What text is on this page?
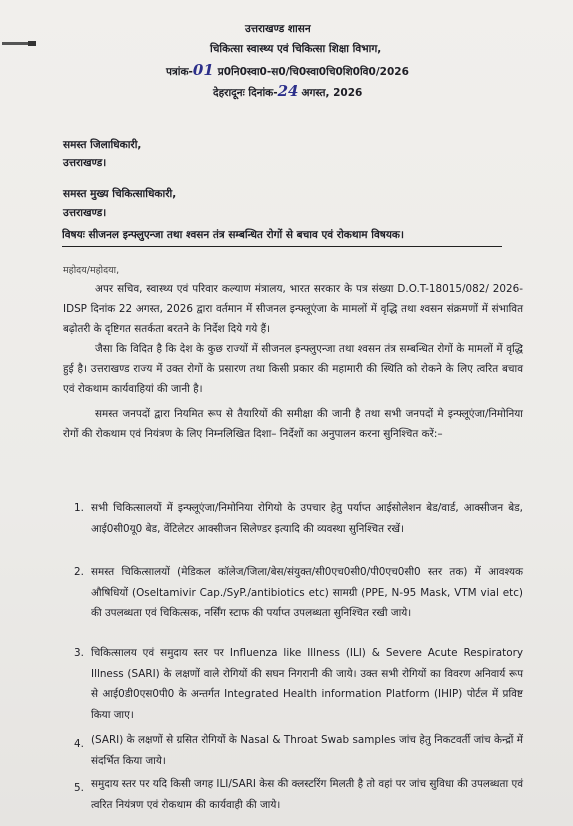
उत्तराखण्ड शासन
चिकित्सा स्वास्थ्य एवं चिकित्सा शिक्षा विभाग,
पत्रांक-01 प्र0नि0स्वा0-स0/चि0स्वा0चि0शि0वि0/2026
देहरादूनः दिनांक-24 अगस्त, 2026
समस्त जिलाधिकारी,
उत्तराखण्ड।
समस्त मुख्य चिकित्साधिकारी,
उत्तराखण्ड।
विषयः सीजनल इन्फ्लुएन्जा तथा श्वसन तंत्र सम्बन्धित रोगों से बचाव एवं रोकथाम विषयक।
महोदय/महोदया,
अपर सचिव, स्वास्थ्य एवं परिवार कल्याण मंत्रालय, भारत सरकार के पत्र संख्या D.O.T-18015/082/ 2026-IDSP दिनांक 22 अगस्त, 2026 द्वारा वर्तमान में सीजनल इन्फ्लूएंजा के मामलों में वृद्धि तथा श्वसन संक्रमणों में संभावित बढ़ोतरी के दृष्टिगत सतर्कता बरतने के निर्देश दिये गये हैं।
जैसा कि विदित है कि देश के कुछ राज्यों में सीजनल इन्फ्लुएन्जा तथा श्वसन तंत्र सम्बन्धित रोगों के मामलों में वृद्धि हुई है। उत्तराखण्ड राज्य में उक्त रोगों के प्रसारण तथा किसी प्रकार की महामारी की स्थिति को रोकने के लिए त्वरित बचाव एवं रोकथाम कार्यवाहियां की जानी है।
समस्त जनपदों द्वारा नियमित रूप से तैयारियों की समीक्षा की जानी है तथा सभी जनपदों मे इन्फ्लूएंजा/निमोनिया रोगों की रोकथाम एवं नियंत्रण के लिए निम्नलिखित दिशा– निर्देशों का अनुपालन करना सुनिश्चित करें:–
1. सभी चिकित्सालयों में इन्फ्लूएंजा/निमोनिया रोगियो के उपचार हेतु पर्याप्त आईसोलेशन बेड/वार्ड, आक्सीजन बेड, आई0सी0यू0 बेड, वेंटिलेटर आक्सीजन सिलेण्डर इत्यादि की व्यवस्था सुनिश्चित रखें।
2. समस्त चिकित्सालयों (मेडिकल कॉलेज/जिला/बेस/संयुक्त/सी0एच0सी0/पी0एच0सी0 स्तर तक) में आवश्यक औषिधियों (Oseltamivir Cap./SyP./antibiotics etc) सामग्री (PPE, N-95 Mask, VTM vial etc) की उपलब्धता एवं चिकित्सक, नर्सिंग स्टाफ की पर्याप्त उपलब्धता सुनिश्चित रखी जाये।
3. चिकित्सालय एवं समुदाय स्तर पर Influenza like Illness (ILI) & Severe Acute Respiratory Illness (SARI) के लक्षणों वाले रोगियों की सघन निगरानी की जाये। उक्त सभी रोगियों का विवरण अनिवार्य रूप से आई0डी0एस0पी0 के अन्तर्गत Integrated Health information Platform (IHIP) पोर्टल में प्रविष्ट किया जाए।
4. (SARI) के लक्षणों से ग्रसित रोगियों के Nasal & Throat Swab samples जांच हेतु निकटवर्ती जांच केन्द्रों में संदर्भित किया जाये।
5. समुदाय स्तर पर यदि किसी जगह ILI/SARI केस की क्लस्टरिंग मिलती है तो वहां पर जांच सुविधा की उपलब्धता एवं त्वरित नियंत्रण एवं रोकथाम की कार्यवाही की जाये।
